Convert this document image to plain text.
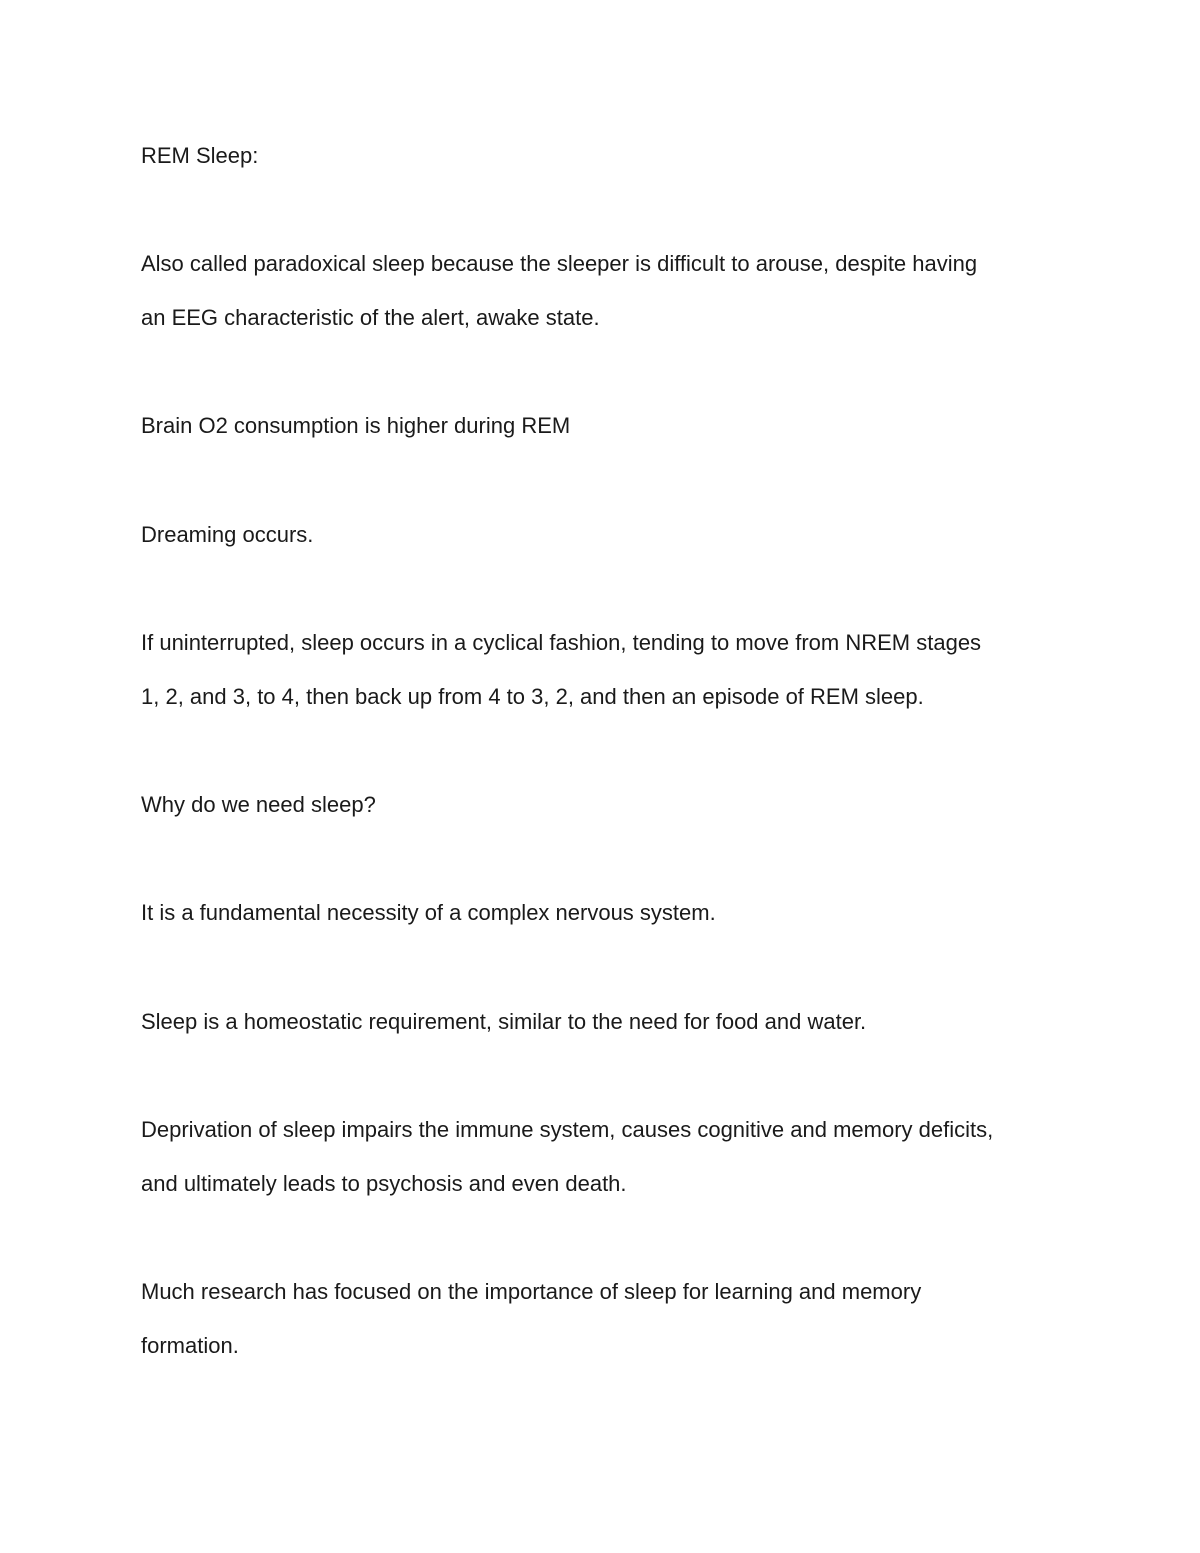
REM Sleep:

Also called paradoxical sleep because the sleeper is difficult to arouse, despite having
an EEG characteristic of the alert, awake state.

Brain O2 consumption is higher during REM

Dreaming occurs.

If uninterrupted, sleep occurs in a cyclical fashion, tending to move from NREM stages
1, 2, and 3, to 4, then back up from 4 to 3, 2, and then an episode of REM sleep.

Why do we need sleep?

It is a fundamental necessity of a complex nervous system.

Sleep is a homeostatic requirement, similar to the need for food and water.

Deprivation of sleep impairs the immune system, causes cognitive and memory deficits,
and ultimately leads to psychosis and even death.

Much research has focused on the importance of sleep for learning and memory
formation.
